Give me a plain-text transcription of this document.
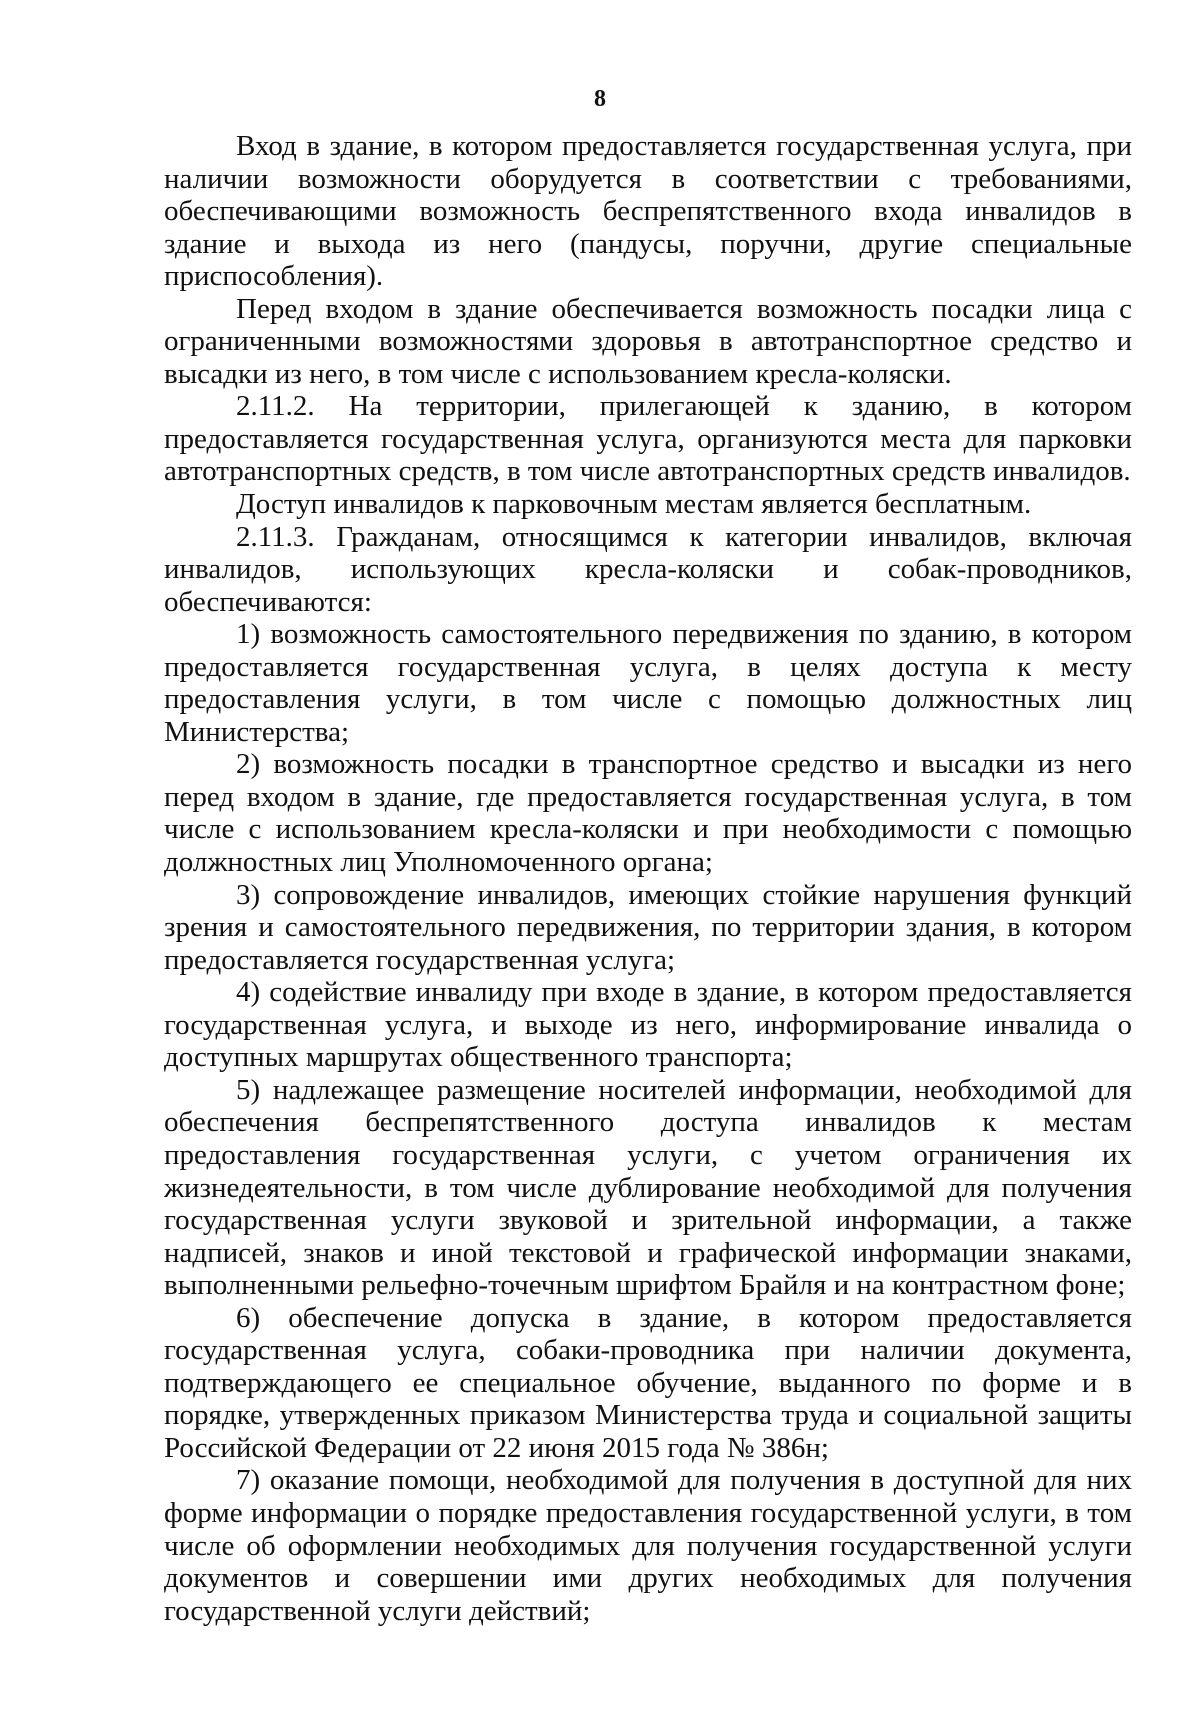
8

Вход в здание, в котором предоставляется государственная услуга, при наличии возможности оборудуется в соответствии с требованиями, обеспечивающими возможность беспрепятственного входа инвалидов в здание и выхода из него (пандусы, поручни, другие специальные приспособления).

Перед входом в здание обеспечивается возможность посадки лица с ограниченными возможностями здоровья в автотранспортное средство и высадки из него, в том числе с использованием кресла-коляски.

2.11.2. На территории, прилегающей к зданию, в котором предоставляется государственная услуга, организуются места для парковки автотранспортных средств, в том числе автотранспортных средств инвалидов.

Доступ инвалидов к парковочным местам является бесплатным.

2.11.3. Гражданам, относящимся к категории инвалидов, включая инвалидов, использующих кресла-коляски и собак-проводников, обеспечиваются:

1) возможность самостоятельного передвижения по зданию, в котором предоставляется государственная услуга, в целях доступа к месту предоставления услуги, в том числе с помощью должностных лиц Министерства;

2) возможность посадки в транспортное средство и высадки из него перед входом в здание, где предоставляется государственная услуга, в том числе с использованием кресла-коляски и при необходимости с помощью должностных лиц Уполномоченного органа;

3) сопровождение инвалидов, имеющих стойкие нарушения функций зрения и самостоятельного передвижения, по территории здания, в котором предоставляется государственная услуга;

4) содействие инвалиду при входе в здание, в котором предоставляется государственная услуга, и выходе из него, информирование инвалида о доступных маршрутах общественного транспорта;

5) надлежащее размещение носителей информации, необходимой для обеспечения беспрепятственного доступа инвалидов к местам предоставления государственная услуги, с учетом ограничения их жизнедеятельности, в том числе дублирование необходимой для получения государственная услуги звуковой и зрительной информации, а также надписей, знаков и иной текстовой и графической информации знаками, выполненными рельефно-точечным шрифтом Брайля и на контрастном фоне;

6) обеспечение допуска в здание, в котором предоставляется государственная услуга, собаки-проводника при наличии документа, подтверждающего ее специальное обучение, выданного по форме и в порядке, утвержденных приказом Министерства труда и социальной защиты Российской Федерации от 22 июня 2015 года № 386н;

7) оказание помощи, необходимой для получения в доступной для них форме информации о порядке предоставления государственной услуги, в том числе об оформлении необходимых для получения государственной услуги документов и совершении ими других необходимых для получения государственной услуги действий;
